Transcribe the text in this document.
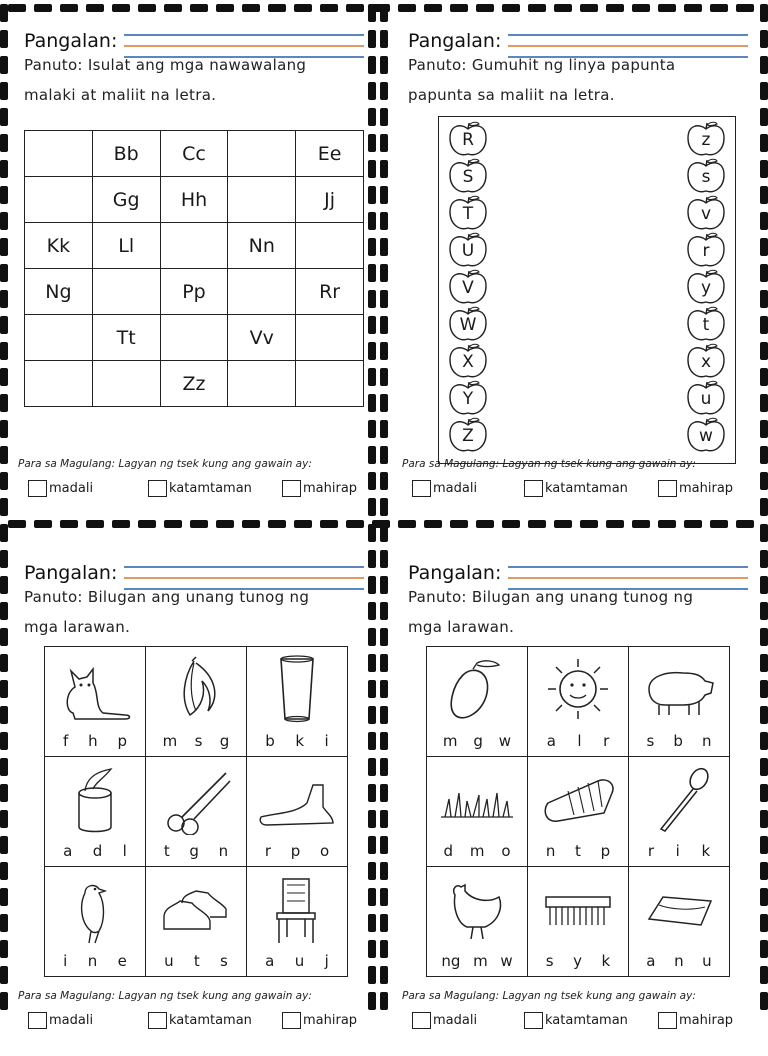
Pangalan:
Panuto: Isulat ang mga nawawalang
malaki at maliit na letra.
	Bb	Cc		Ee
	Gg	Hh		Jj
Kk	Ll		Nn	
Ng		Pp		Rr
	Tt		Vv	
		Zz		
Para sa Magulang: Lagyan ng tsek kung ang gawain ay:
madali	katamtaman	mahirap
Pangalan:
Panuto: Gumuhit ng linya papunta
papunta sa maliit na letra.
R
S
T
U
V
W
X
Y
Z
z
s
v
r
y
t
x
u
w
Para sa Magulang: Lagyan ng tsek kung ang gawain ay:
madali	katamtaman	mahirap
Pangalan:
Panuto: Bilugan ang unang tunog ng
mga larawan.
f h p	m s g	b k i

a d l	t g n	r p o

i n e	u t s	a u j
Para sa Magulang: Lagyan ng tsek kung ang gawain ay:
madali	katamtaman	mahirap
Pangalan:
Panuto: Bilugan ang unang tunog ng
mga larawan.
m g w	a l r	s b n

d m o	n t p	r i k

ng m w	s y k	a n u
Para sa Magulang: Lagyan ng tsek kung ang gawain ay:
madali	katamtaman	mahirap
